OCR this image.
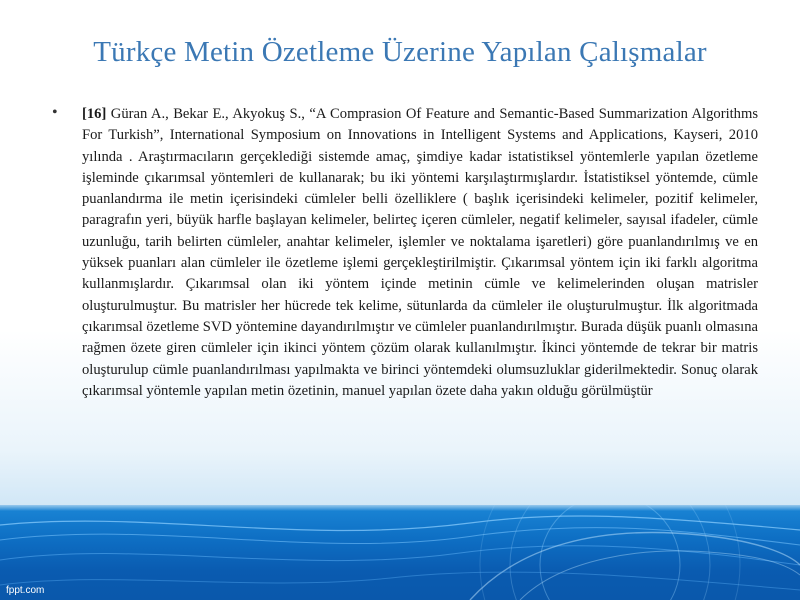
Türkçe Metin Özetleme Üzerine Yapılan Çalışmalar
• [16] Güran A., Bekar E., Akyokuş S., “A Comprasion Of Feature and Semantic-Based Summarization Algorithms For Turkish”, International Symposium on Innovations in Intelligent Systems and Applications, Kayseri, 2010 yılında . Araştırmacıların gerçeklediği sistemde amaç, şimdiye kadar istatistiksel yöntemlerle yapılan özetleme işleminde çıkarımsal yöntemleri de kullanarak; bu iki yöntemi karşılaştırmışlardır. İstatistiksel yöntemde, cümle puanlandırma ile metin içerisindeki cümleler belli özelliklere ( başlık içerisindeki kelimeler, pozitif kelimeler, paragrafın yeri, büyük harfle başlayan kelimeler, belirteç içeren cümleler, negatif kelimeler, sayısal ifadeler, cümle uzunluğu, tarih belirten cümleler, anahtar kelimeler, işlemler ve noktalama işaretleri) göre puanlandırılmış ve en yüksek puanları alan cümleler ile özetleme işlemi gerçekleştirilmiştir. Çıkarımsal yöntem için iki farklı algoritma kullanmışlardır. Çıkarımsal olan iki yöntem içinde metinin cümle ve kelimelerinden oluşan matrisler oluşturulmuştur. Bu matrisler her hücrede tek kelime, sütunlarda da cümleler ile oluşturulmuştur. İlk algoritmada çıkarımsal özetleme SVD yöntemine dayandırılmıştır ve cümleler puanlandırılmıştır. Burada düşük puanlı olmasına rağmen özete giren cümleler için ikinci yöntem çözüm olarak kullanılmıştır. İkinci yöntemde de tekrar bir matris oluşturulup cümle puanlandırılması yapılmakta ve birinci yöntemdeki olumsuzluklar giderilmektedir. Sonuç olarak çıkarımsal yöntemle yapılan metin özetinin, manuel yapılan özete daha yakın olduğu görülmüştür
fppt.com
